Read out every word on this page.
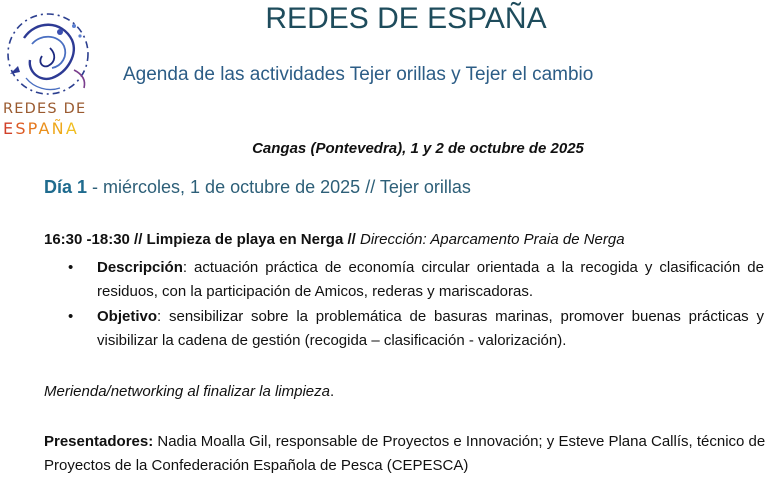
REDES DE
ESPAÑA
REDES DE ESPAÑA
Agenda de las actividades Tejer orillas y Tejer el cambio
Cangas (Pontevedra), 1 y 2 de octubre de 2025
Día 1 - miércoles, 1 de octubre de 2025 // Tejer orillas
16:30 -18:30 // Limpieza de playa en Nerga // Dirección: Aparcamento Praia de Nerga
• Descripción: actuación práctica de economía circular orientada a la recogida y clasificación de residuos, con la participación de Amicos, rederas y mariscadoras.
• Objetivo: sensibilizar sobre la problemática de basuras marinas, promover buenas prácticas y visibilizar la cadena de gestión (recogida – clasificación - valorización).
Merienda/networking al finalizar la limpieza.
Presentadores: Nadia Moalla Gil, responsable de Proyectos e Innovación; y Esteve Plana Callís, técnico de Proyectos de la Confederación Española de Pesca (CEPESCA)
